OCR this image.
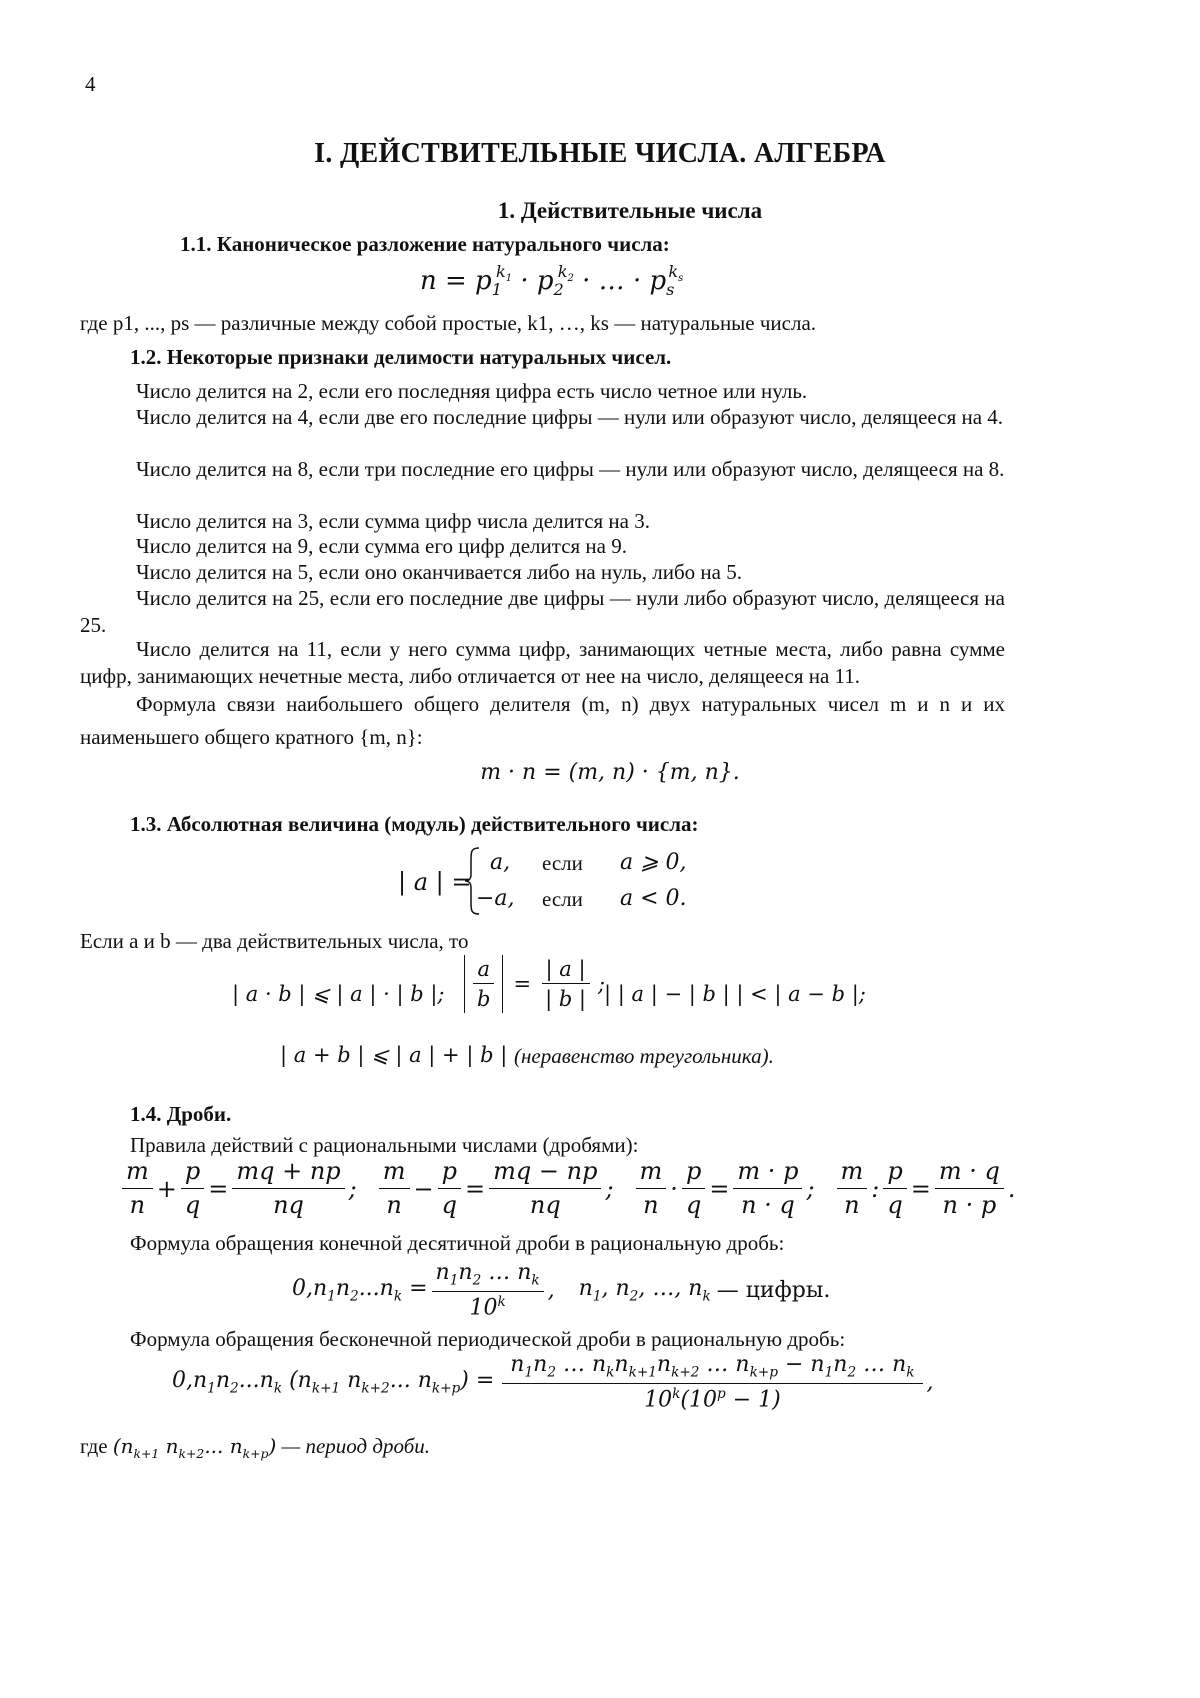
4
I. ДЕЙСТВИТЕЛЬНЫЕ ЧИСЛА. АЛГЕБРА
1. Действительные числа
1.1. Каноническое разложение натурального числа:
$n = p_1^{k_1} \cdot p_2^{k_2}$ · … · $p_s^{k_s}$
где p1, ..., ps — различные между собой простые, k1, …, ks — натуральные числа.
1.2. Некоторые признаки делимости натуральных чисел.
Число делится на 2, если его последняя цифра есть число четное или нуль.
Число делится на 4, если две его последние цифры — нули или образуют число, делящееся на 4.
Число делится на 8, если три последние его цифры — нули или образуют число, делящееся на 8.
Число делится на 3, если сумма цифр числа делится на 3.
Число делится на 9, если сумма его цифр делится на 9.
Число делится на 5, если оно оканчивается либо на нуль, либо на 5.
Число делится на 25, если его последние две цифры — нули либо образуют число, делящееся на 25.
Число делится на 11, если у него сумма цифр, занимающих четные места, либо равна сумме цифр, занимающих нечетные места, либо отличается от нее на число, делящееся на 11.
Формула связи наибольшего общего делителя (m, n) двух натуральных чисел m и n и их наименьшего общего кратного {m, n}:
m · n = (m, n) · {m, n}.
1.3. Абсолютная величина (модуль) действительного числа:
| a | =
a, если a ⩾ 0,
−a, если a < 0.
Если a и b — два действительных числа, то
| a · b | ⩽ | a | · | b |; $\frac{a}{b} = \frac{| a |}{| b |}$ ;
| | a | − | b | | < | a − b |;
| a + b | ⩽ | a | + | b | (неравенство треугольника).
1.4. Дроби.
Правила действий с рациональными числами (дробями):
$\frac{m}{n} + \frac{p}{q} = \frac{mq + np}{nq}$ ; $\frac{m}{n} - \frac{p}{q} = \frac{mq - np}{nq}$ ; $\frac{m}{n} \cdot \frac{p}{q} = \frac{m \cdot p}{n \cdot q}$ ; $\frac{m}{n}$ : $\frac{p}{q} = \frac{m \cdot q}{n \cdot p}$ .
Формула обращения конечной десятичной дроби в рациональную дробь:
$0,n_1n_2...n_k = \frac{n_1n_2 \dots n_k}{10^k}$ , $n_1$, $n_2$, …, $n_k$ — цифры.
Формула обращения бесконечной периодической дроби в рациональную дробь:
$0,n_1n_2...n_k$ ($n_{k+1}$ $n_{k+2}$... $n_{k+p}) = \frac{n_1n_2 \dots n_kn_{k+1}n_{k+2} \dots n_{k+p} - n_1n_2 \dots n_k}{10^k(10^p - 1)}$ ,
где ($n_{k+1}$ $n_{k+2}$... $n_{k+p}$) — период дроби.
